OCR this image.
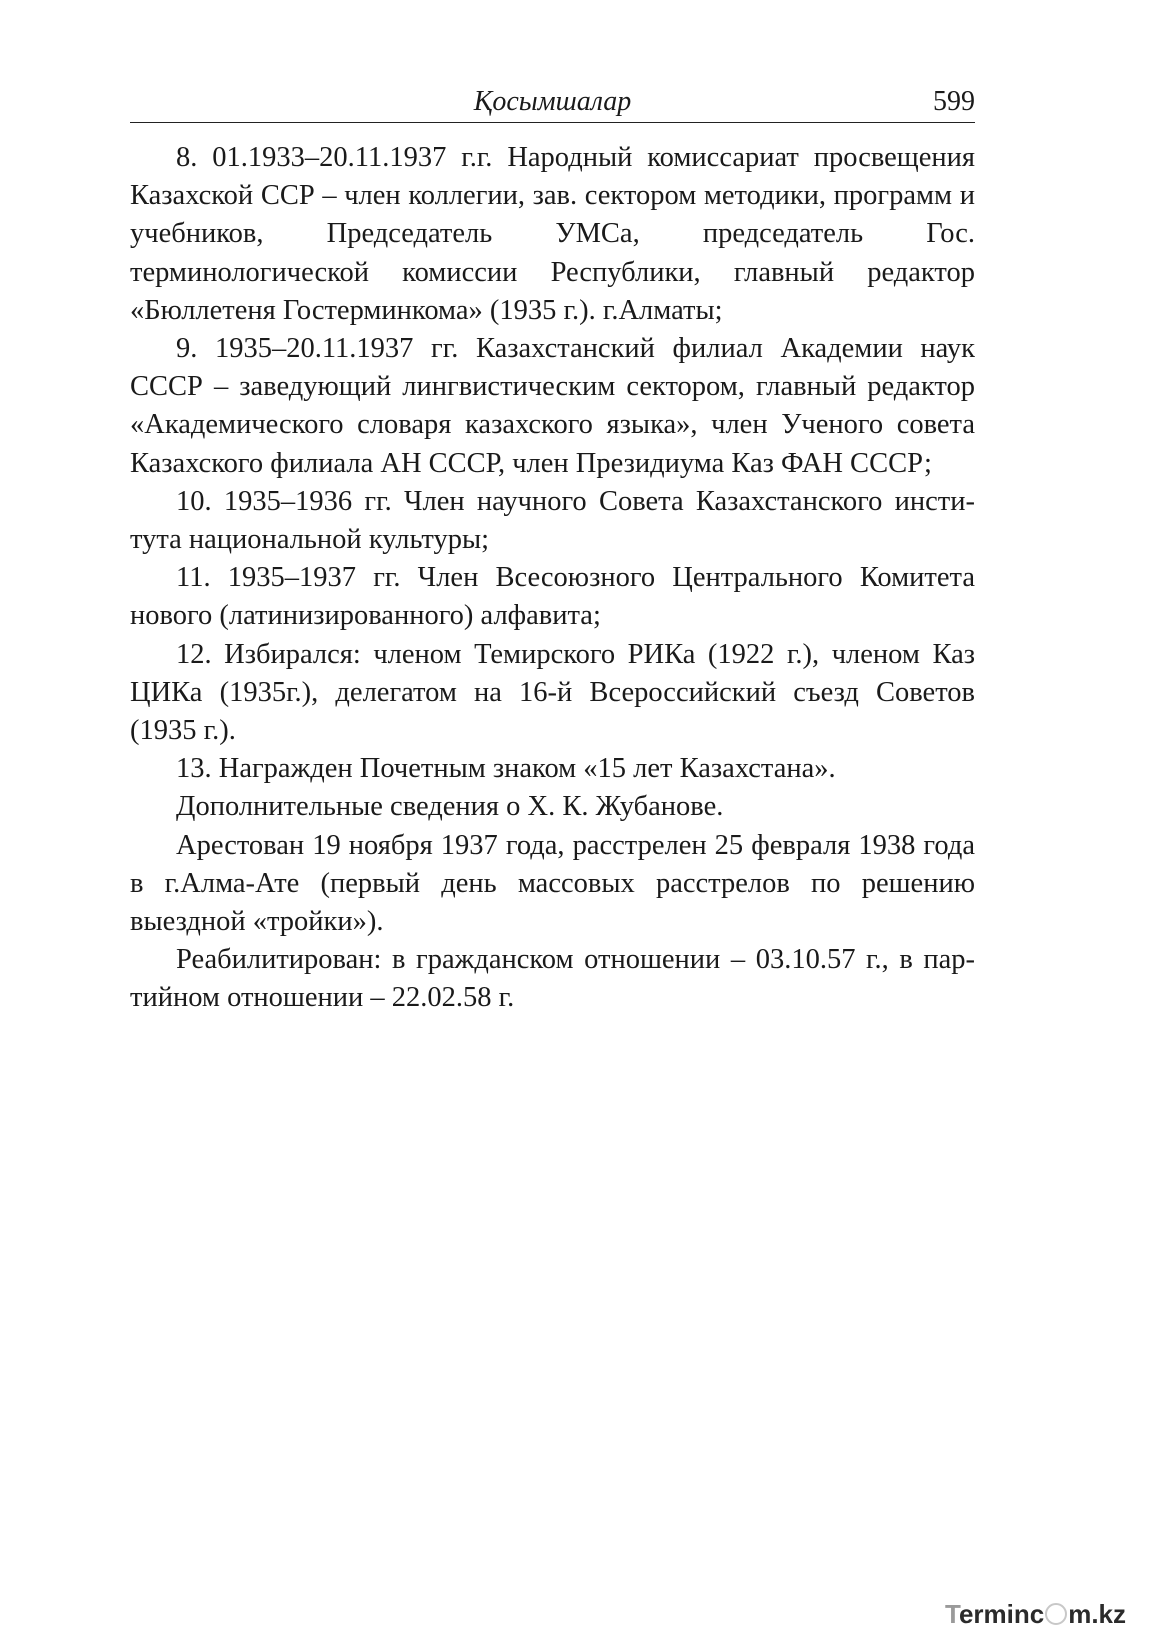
Қосымшалар	599

8. 01.1933–20.11.1937 г.г. Народный комиссариат просвещения Казахской ССР – член коллегии, зав. сектором методики, программ и учебников, Председатель УМСа, председатель Гос. терминологической комиссии Республики, главный редактор «Бюллетеня Гостерминкома» (1935 г.). г.Алматы;

9. 1935–20.11.1937 гг. Казахстанский филиал Академии наук СССР – заведующий лингвистическим сектором, главный редактор «Академического словаря казахского языка», член Ученого совета Казахского филиала АН СССР, член Президиума Каз ФАН СССР;

10. 1935–1936 гг. Член научного Совета Казахстанского института национальной культуры;

11. 1935–1937 гг. Член Всесоюзного Центрального Комитета нового (латинизированного) алфавита;

12. Избирался: членом Темирского РИКа (1922 г.), членом Каз ЦИКа (1935г.), делегатом на 16-й Всероссийский съезд Советов (1935 г.).

13. Награжден Почетным знаком «15 лет Казахстана».

Дополнительные сведения о Х. К. Жубанове.

Арестован 19 ноября 1937 года, расстрелен 25 февраля 1938 года в г.Алма-Ате (первый день массовых расстрелов по решению выездной «тройки»).

Реабилитирован: в гражданском отношении – 03.10.57 г., в партийном отношении – 22.02.58 г.

Terminc m.kz
